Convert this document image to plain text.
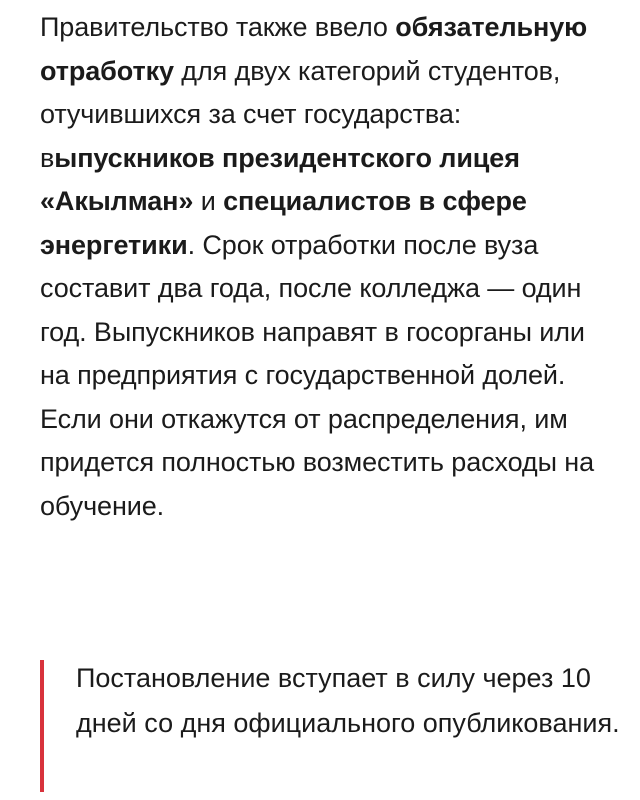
Правительство также ввело обязательную отработку для двух категорий студентов, отучившихся за счет государства: выпускников президентского лицея «Акылман» и специалистов в сфере энергетики. Срок отработки после вуза составит два года, после колледжа — один год. Выпускников направят в госорганы или на предприятия с государственной долей. Если они откажутся от распределения, им придется полностью возместить расходы на обучение.

Постановление вступает в силу через 10 дней со дня официального опубликования.
